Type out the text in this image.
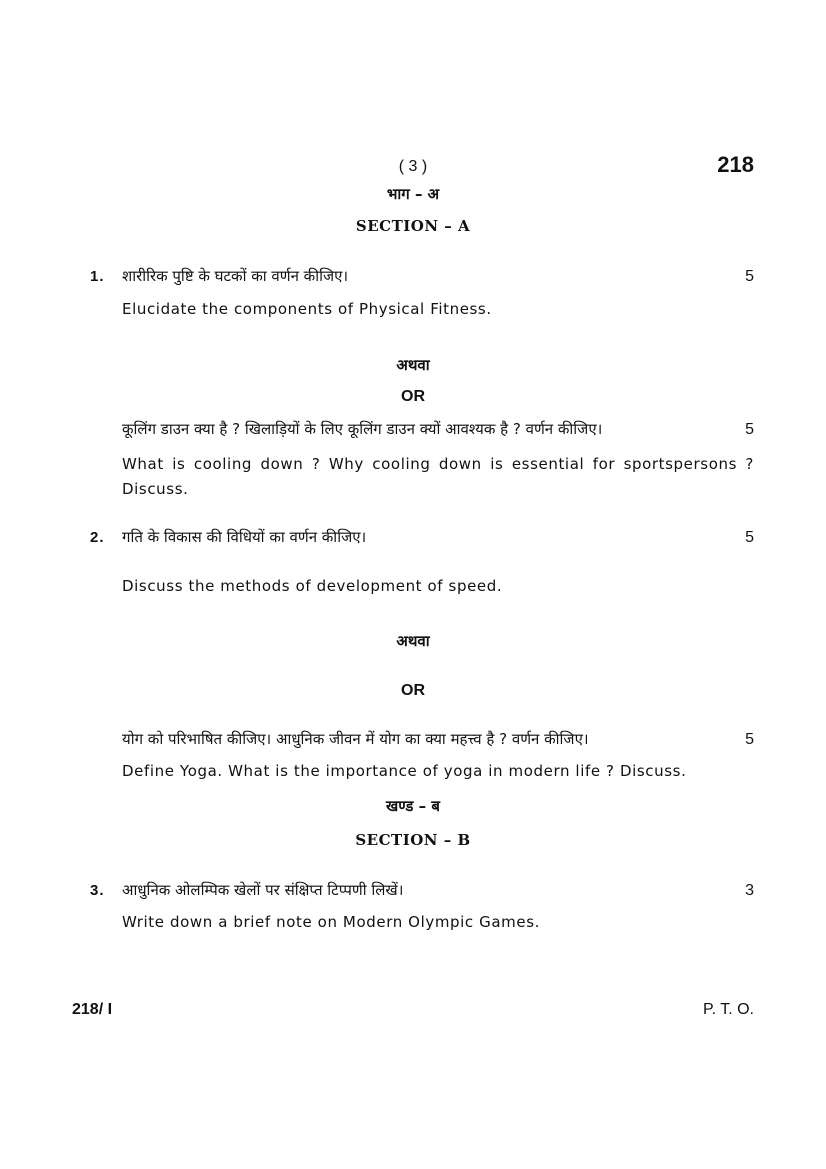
( 3 )	218
भाग – अ
SECTION – A
1. शारीरिक पुष्टि के घटकों का वर्णन कीजिए।	5
Elucidate the components of Physical Fitness.
अथवा
OR
कूलिंग डाउन क्या है ? खिलाड़ियों के लिए कूलिंग डाउन क्यों आवश्यक है ? वर्णन कीजिए।	5
What is cooling down ? Why cooling down is essential for sportspersons ? Discuss.
2. गति के विकास की विधियों का वर्णन कीजिए।	5
Discuss the methods of development of speed.
अथवा
OR
योग को परिभाषित कीजिए। आधुनिक जीवन में योग का क्या महत्त्व है ? वर्णन कीजिए।	5
Define Yoga. What is the importance of yoga in modern life ? Discuss.
खण्ड – ब
SECTION – B
3. आधुनिक ओलम्पिक खेलों पर संक्षिप्त टिप्पणी लिखें।	3
Write down a brief note on Modern Olympic Games.
218/ I	P. T. O.
